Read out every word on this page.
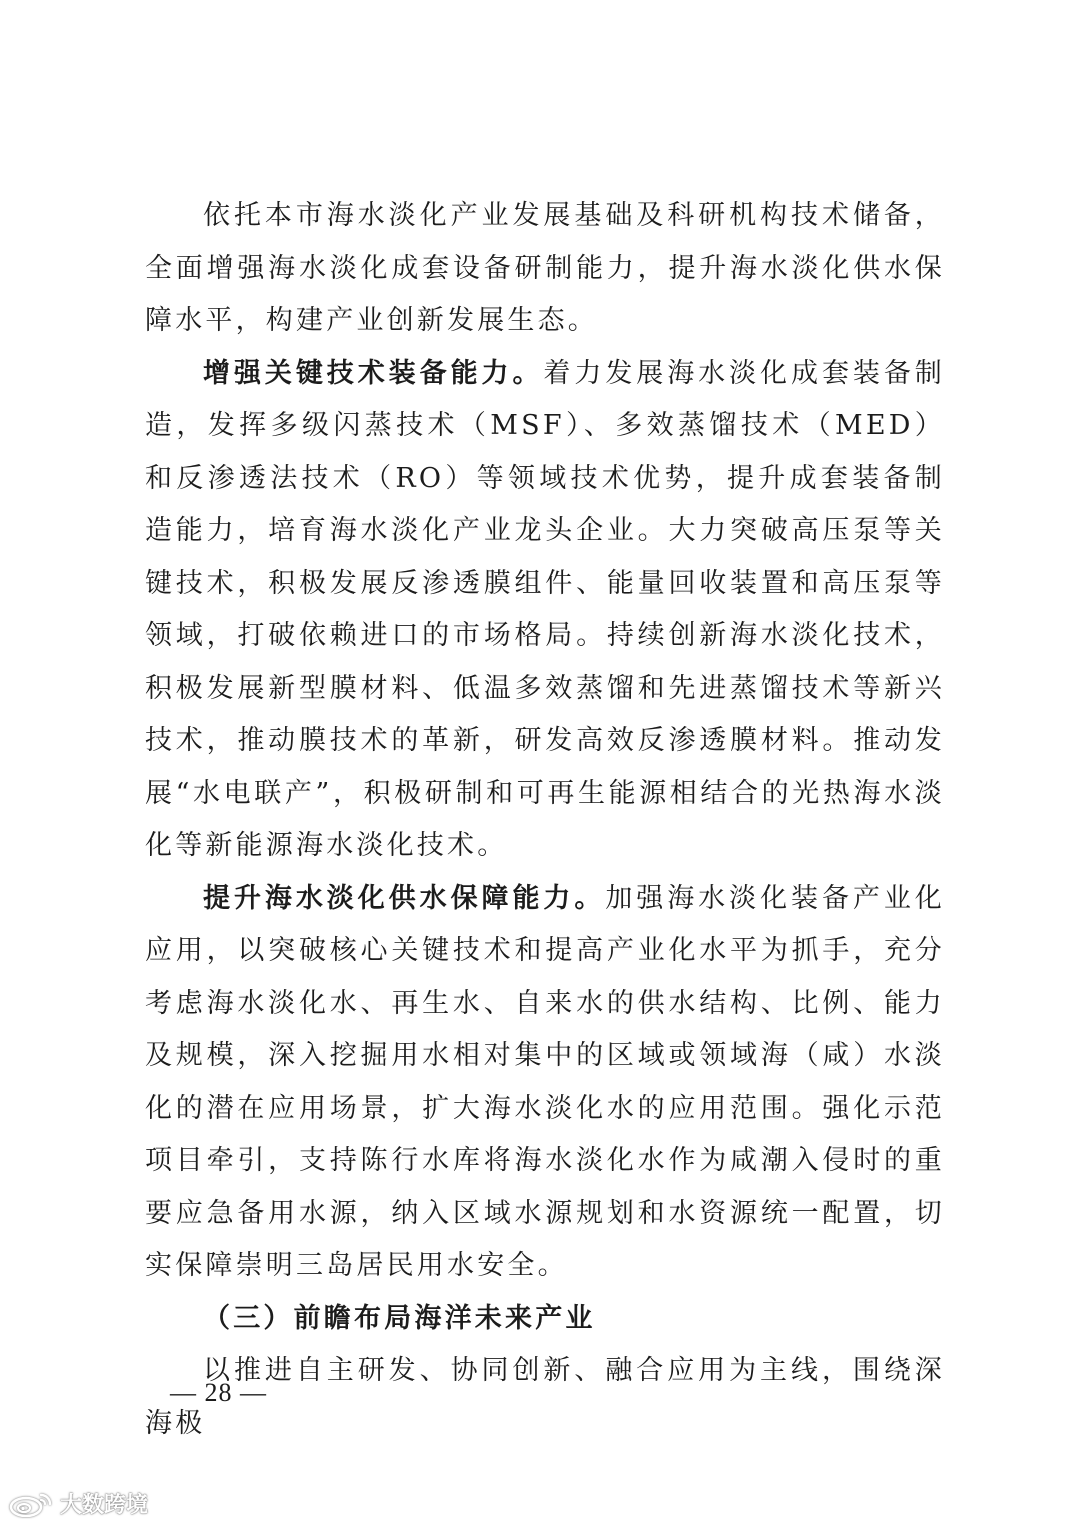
依托本市海水淡化产业发展基础及科研机构技术储备，全面增强海水淡化成套设备研制能力，提升海水淡化供水保障水平，构建产业创新发展生态。

增强关键技术装备能力。着力发展海水淡化成套装备制造，发挥多级闪蒸技术（MSF）、多效蒸馏技术（MED）和反渗透法技术（RO）等领域技术优势，提升成套装备制造能力，培育海水淡化产业龙头企业。大力突破高压泵等关键技术，积极发展反渗透膜组件、能量回收装置和高压泵等领域，打破依赖进口的市场格局。持续创新海水淡化技术，积极发展新型膜材料、低温多效蒸馏和先进蒸馏技术等新兴技术，推动膜技术的革新，研发高效反渗透膜材料。推动发展“水电联产”，积极研制和可再生能源相结合的光热海水淡化等新能源海水淡化技术。

提升海水淡化供水保障能力。加强海水淡化装备产业化应用，以突破核心关键技术和提高产业化水平为抓手，充分考虑海水淡化水、再生水、自来水的供水结构、比例、能力及规模，深入挖掘用水相对集中的区域或领域海（咸）水淡化的潜在应用场景，扩大海水淡化水的应用范围。强化示范项目牵引，支持陈行水库将海水淡化水作为咸潮入侵时的重要应急备用水源，纳入区域水源规划和水资源统一配置，切实保障崇明三岛居民用水安全。

（三）前瞻布局海洋未来产业

以推进自主研发、协同创新、融合应用为主线，围绕深海极

— 28 —
大数跨境
